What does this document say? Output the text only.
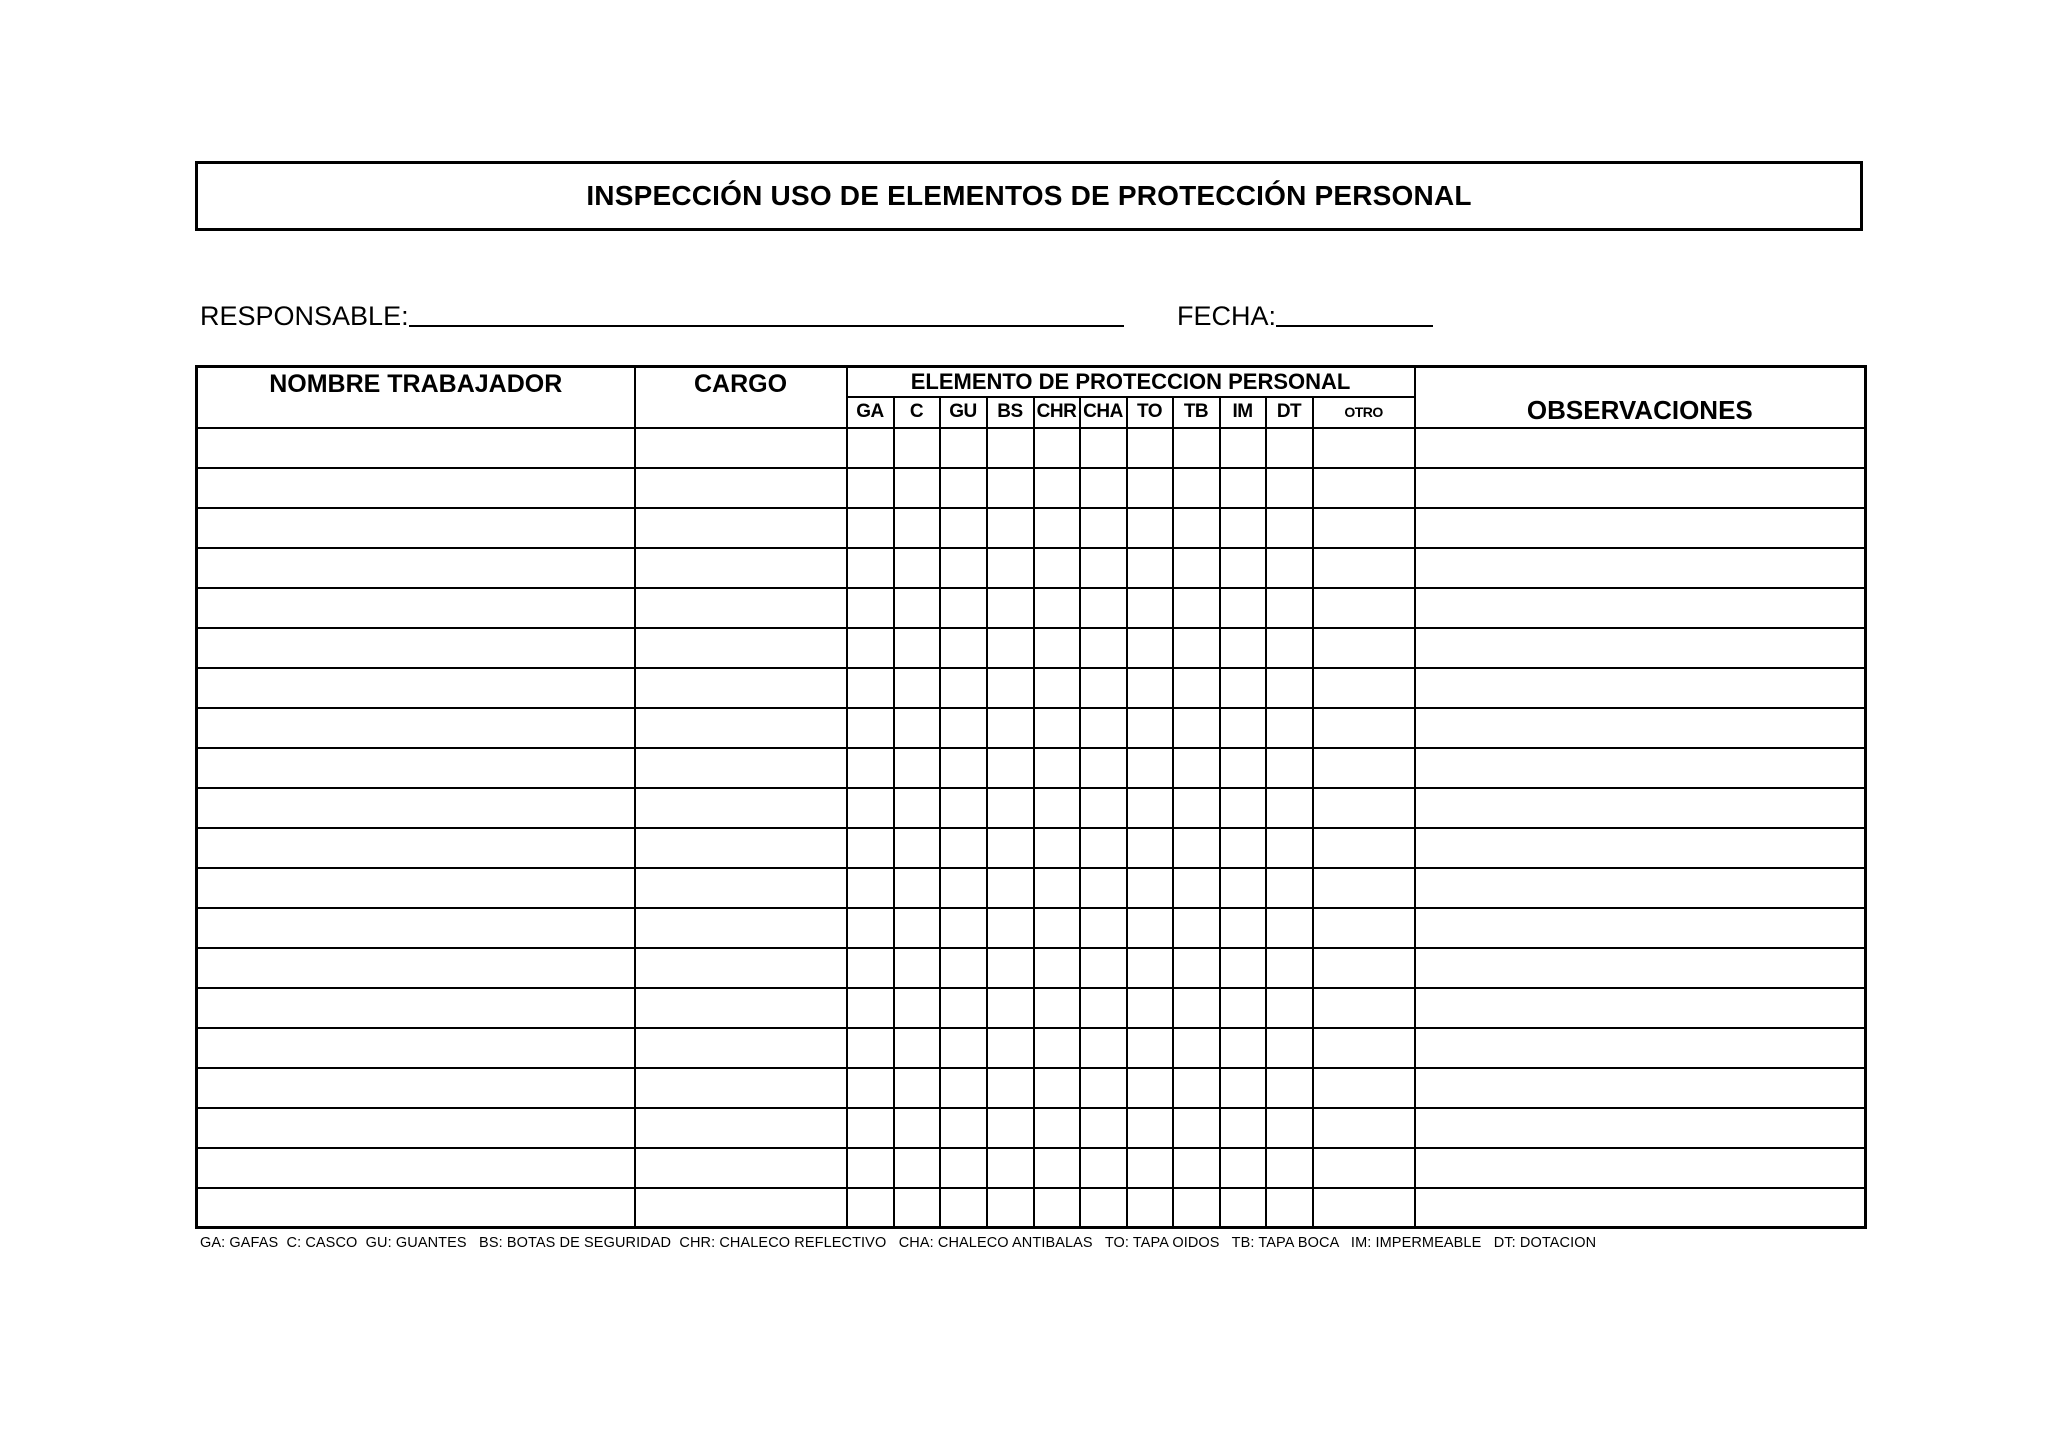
INSPECCIÓN USO DE ELEMENTOS DE PROTECCIÓN PERSONAL
RESPONSABLE:	FECHA:
NOMBRE TRABAJADOR	CARGO	ELEMENTO DE PROTECCION PERSONAL											OBSERVACIONES
		GA	C	GU	BS	CHR	CHA	TO	TB	IM	DT	OTRO	

GA: GAFAS  C: CASCO  GU: GUANTES   BS: BOTAS DE SEGURIDAD  CHR: CHALECO REFLECTIVO   CHA: CHALECO ANTIBALAS   TO: TAPA OIDOS   TB: TAPA BOCA   IM: IMPERMEABLE   DT: DOTACION
